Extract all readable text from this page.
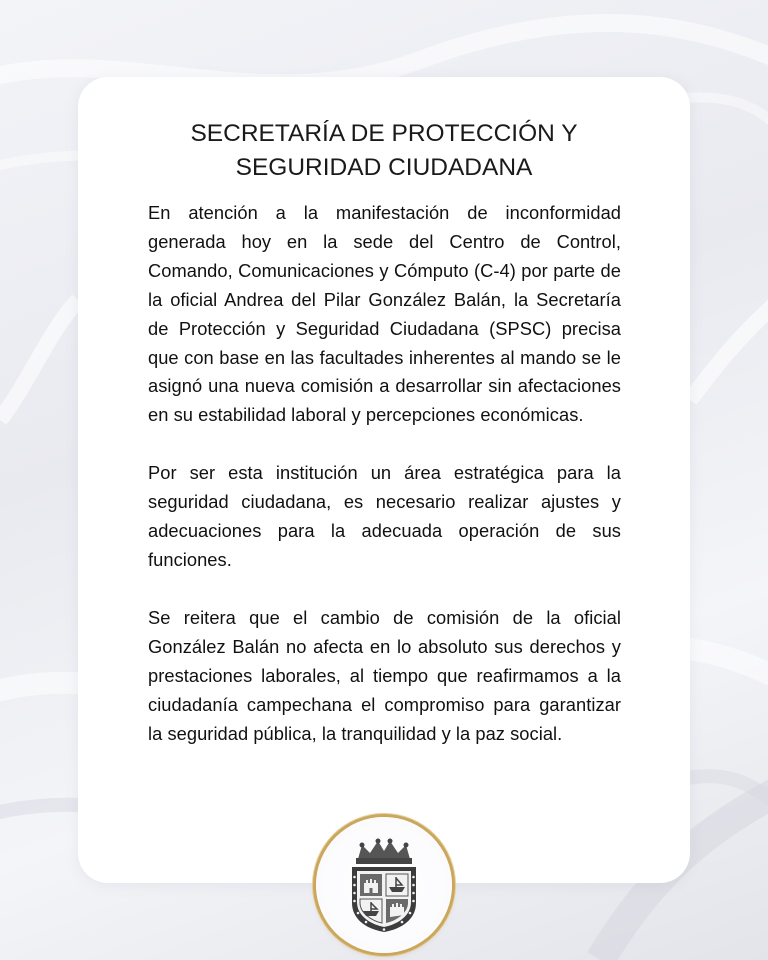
SECRETARÍA DE PROTECCIÓN Y
SEGURIDAD CIUDADANA

En atención a la manifestación de inconformidad generada hoy en la sede del Centro de Control, Comando, Comunicaciones y Cómputo (C-4) por parte de la oficial Andrea del Pilar González Balán, la Secretaría de Protección y Seguridad Ciudadana (SPSC) precisa que con base en las facultades inherentes al mando se le asignó una nueva comisión a desarrollar sin afectaciones en su estabilidad laboral y percepciones económicas.

Por ser esta institución un área estratégica para la seguridad ciudadana, es necesario realizar ajustes y adecuaciones para la adecuada operación de sus funciones.

Se reitera que el cambio de comisión de la oficial González Balán no afecta en lo absoluto sus derechos y prestaciones laborales, al tiempo que reafirmamos a la ciudadanía campechana el compromiso para garantizar la seguridad pública, la tranquilidad y la paz social.
